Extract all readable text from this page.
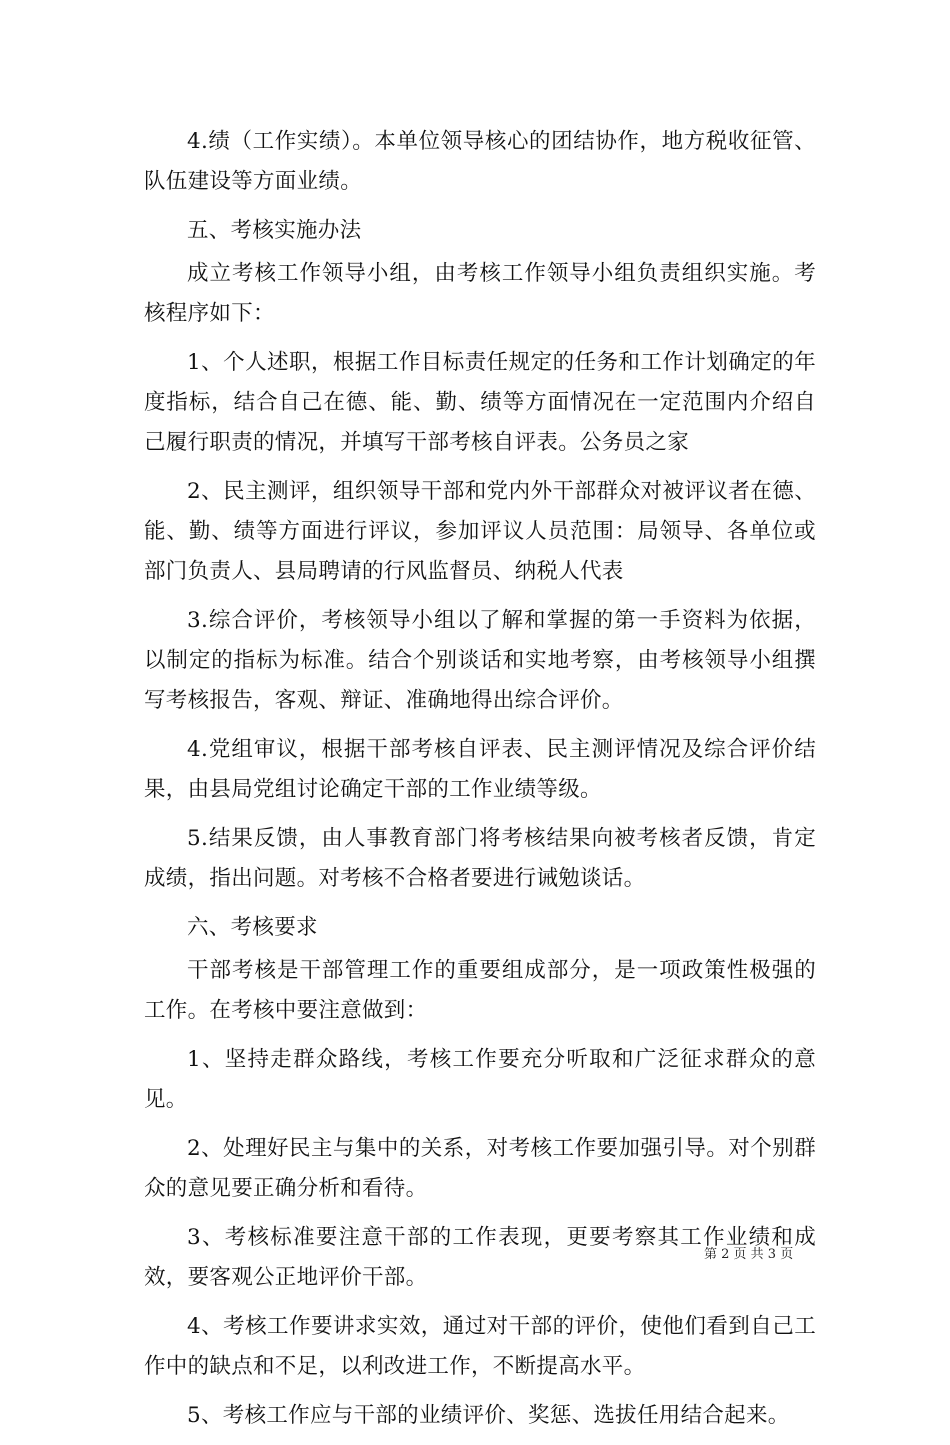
4.绩（工作实绩）。本单位领导核心的团结协作，地方税收征管、队伍建设等方面业绩。

五、考核实施办法

成立考核工作领导小组，由考核工作领导小组负责组织实施。考核程序如下：

1、个人述职，根据工作目标责任规定的任务和工作计划确定的年度指标，结合自己在德、能、勤、绩等方面情况在一定范围内介绍自己履行职责的情况，并填写干部考核自评表。公务员之家

2、民主测评，组织领导干部和党内外干部群众对被评议者在德、能、勤、绩等方面进行评议，参加评议人员范围：局领导、各单位或部门负责人、县局聘请的行风监督员、纳税人代表

3.综合评价，考核领导小组以了解和掌握的第一手资料为依据，以制定的指标为标准。结合个别谈话和实地考察，由考核领导小组撰写考核报告，客观、辩证、准确地得出综合评价。

4.党组审议，根据干部考核自评表、民主测评情况及综合评价结果，由县局党组讨论确定干部的工作业绩等级。

5.结果反馈，由人事教育部门将考核结果向被考核者反馈，肯定成绩，指出问题。对考核不合格者要进行诫勉谈话。

六、考核要求

干部考核是干部管理工作的重要组成部分，是一项政策性极强的工作。在考核中要注意做到：

1、坚持走群众路线，考核工作要充分听取和广泛征求群众的意见。

2、处理好民主与集中的关系，对考核工作要加强引导。对个别群众的意见要正确分析和看待。

3、考核标准要注意干部的工作表现，更要考察其工作业绩和成效，要客观公正地评价干部。

4、考核工作要讲求实效，通过对干部的评价，使他们看到自己工作中的缺点和不足，以利改进工作，不断提高水平。

5、考核工作应与干部的业绩评价、奖惩、选拔任用结合起来。

第 2 页 共 3 页
